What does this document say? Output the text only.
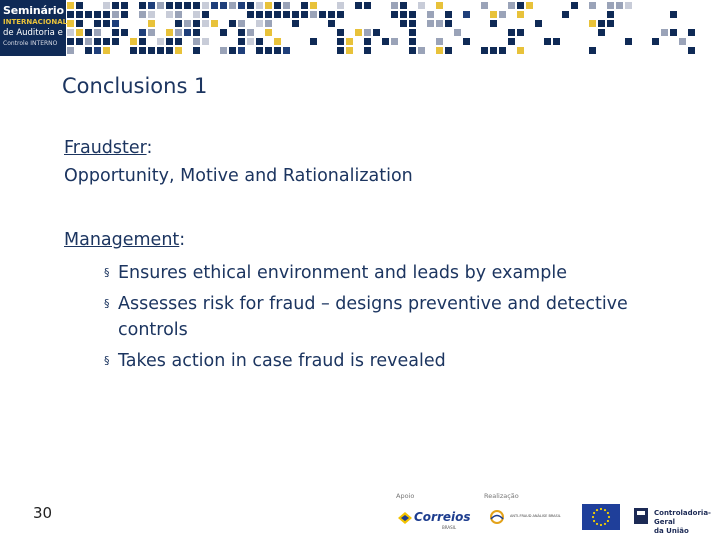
Seminário
INTERNACIONAL
de Auditoria e
Controle INTERNO
Conclusions 1
Fraudster:
Opportunity, Motive and Rationalization
Management:
§ Ensures ethical environment and leads by example
§ Assesses risk for fraud – designs preventive and detective controls
§ Takes action in case fraud is revealed
30
Apoio	Realização
Correios
BRASIL
ANTI-FRAUD ANÁLISE BRASIL	Controladoria-Geral
da União
